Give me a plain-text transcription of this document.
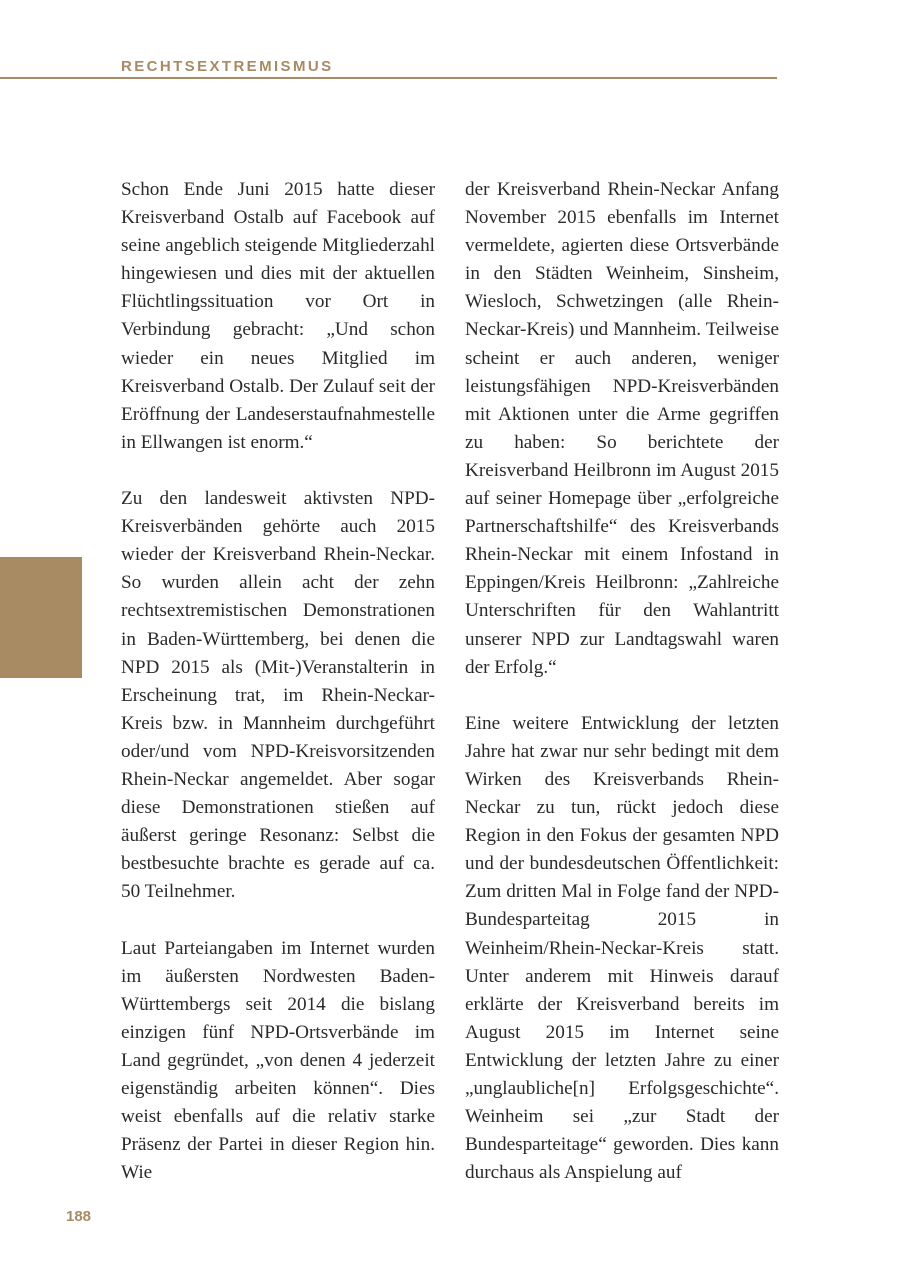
RECHTSEXTREMISMUS

Schon Ende Juni 2015 hatte dieser Kreisverband Ostalb auf Facebook auf seine angeblich steigende Mitgliederzahl hingewiesen und dies mit der aktuellen Flüchtlingssituation vor Ort in Verbindung gebracht: „Und schon wieder ein neues Mitglied im Kreisverband Ostalb. Der Zulauf seit der Eröffnung der Landeserstaufnahmestelle in Ellwangen ist enorm.“

Zu den landesweit aktivsten NPD-Kreisverbänden gehörte auch 2015 wieder der Kreisverband Rhein-Neckar. So wurden allein acht der zehn rechtsextremistischen Demonstrationen in Baden-Württemberg, bei denen die NPD 2015 als (Mit-)Veranstalterin in Erscheinung trat, im Rhein-Neckar-Kreis bzw. in Mannheim durchgeführt oder/und vom NPD-Kreisvorsitzenden Rhein-Neckar angemeldet. Aber sogar diese Demonstrationen stießen auf äußerst geringe Resonanz: Selbst die bestbesuchte brachte es gerade auf ca. 50 Teilnehmer.

Laut Parteiangaben im Internet wurden im äußersten Nordwesten Baden-Württembergs seit 2014 die bislang einzigen fünf NPD-Ortsverbände im Land gegründet, „von denen 4 jederzeit eigenständig arbeiten können“. Dies weist ebenfalls auf die relativ starke Präsenz der Partei in dieser Region hin. Wie

der Kreisverband Rhein-Neckar Anfang November 2015 ebenfalls im Internet vermeldete, agierten diese Ortsverbände in den Städten Weinheim, Sinsheim, Wiesloch, Schwetzingen (alle Rhein-Neckar-Kreis) und Mannheim. Teilweise scheint er auch anderen, weniger leistungsfähigen NPD-Kreisverbänden mit Aktionen unter die Arme gegriffen zu haben: So berichtete der Kreisverband Heilbronn im August 2015 auf seiner Homepage über „erfolgreiche Partnerschaftshilfe“ des Kreisverbands Rhein-Neckar mit einem Infostand in Eppingen/Kreis Heilbronn: „Zahlreiche Unterschriften für den Wahlantritt unserer NPD zur Landtagswahl waren der Erfolg.“

Eine weitere Entwicklung der letzten Jahre hat zwar nur sehr bedingt mit dem Wirken des Kreisverbands Rhein-Neckar zu tun, rückt jedoch diese Region in den Fokus der gesamten NPD und der bundesdeutschen Öffentlichkeit: Zum dritten Mal in Folge fand der NPD-Bundesparteitag 2015 in Weinheim/Rhein-Neckar-Kreis statt. Unter anderem mit Hinweis darauf erklärte der Kreisverband bereits im August 2015 im Internet seine Entwicklung der letzten Jahre zu einer „unglaubliche[n] Erfolgsgeschichte“. Weinheim sei „zur Stadt der Bundesparteitage“ geworden. Dies kann durchaus als Anspielung auf

188
